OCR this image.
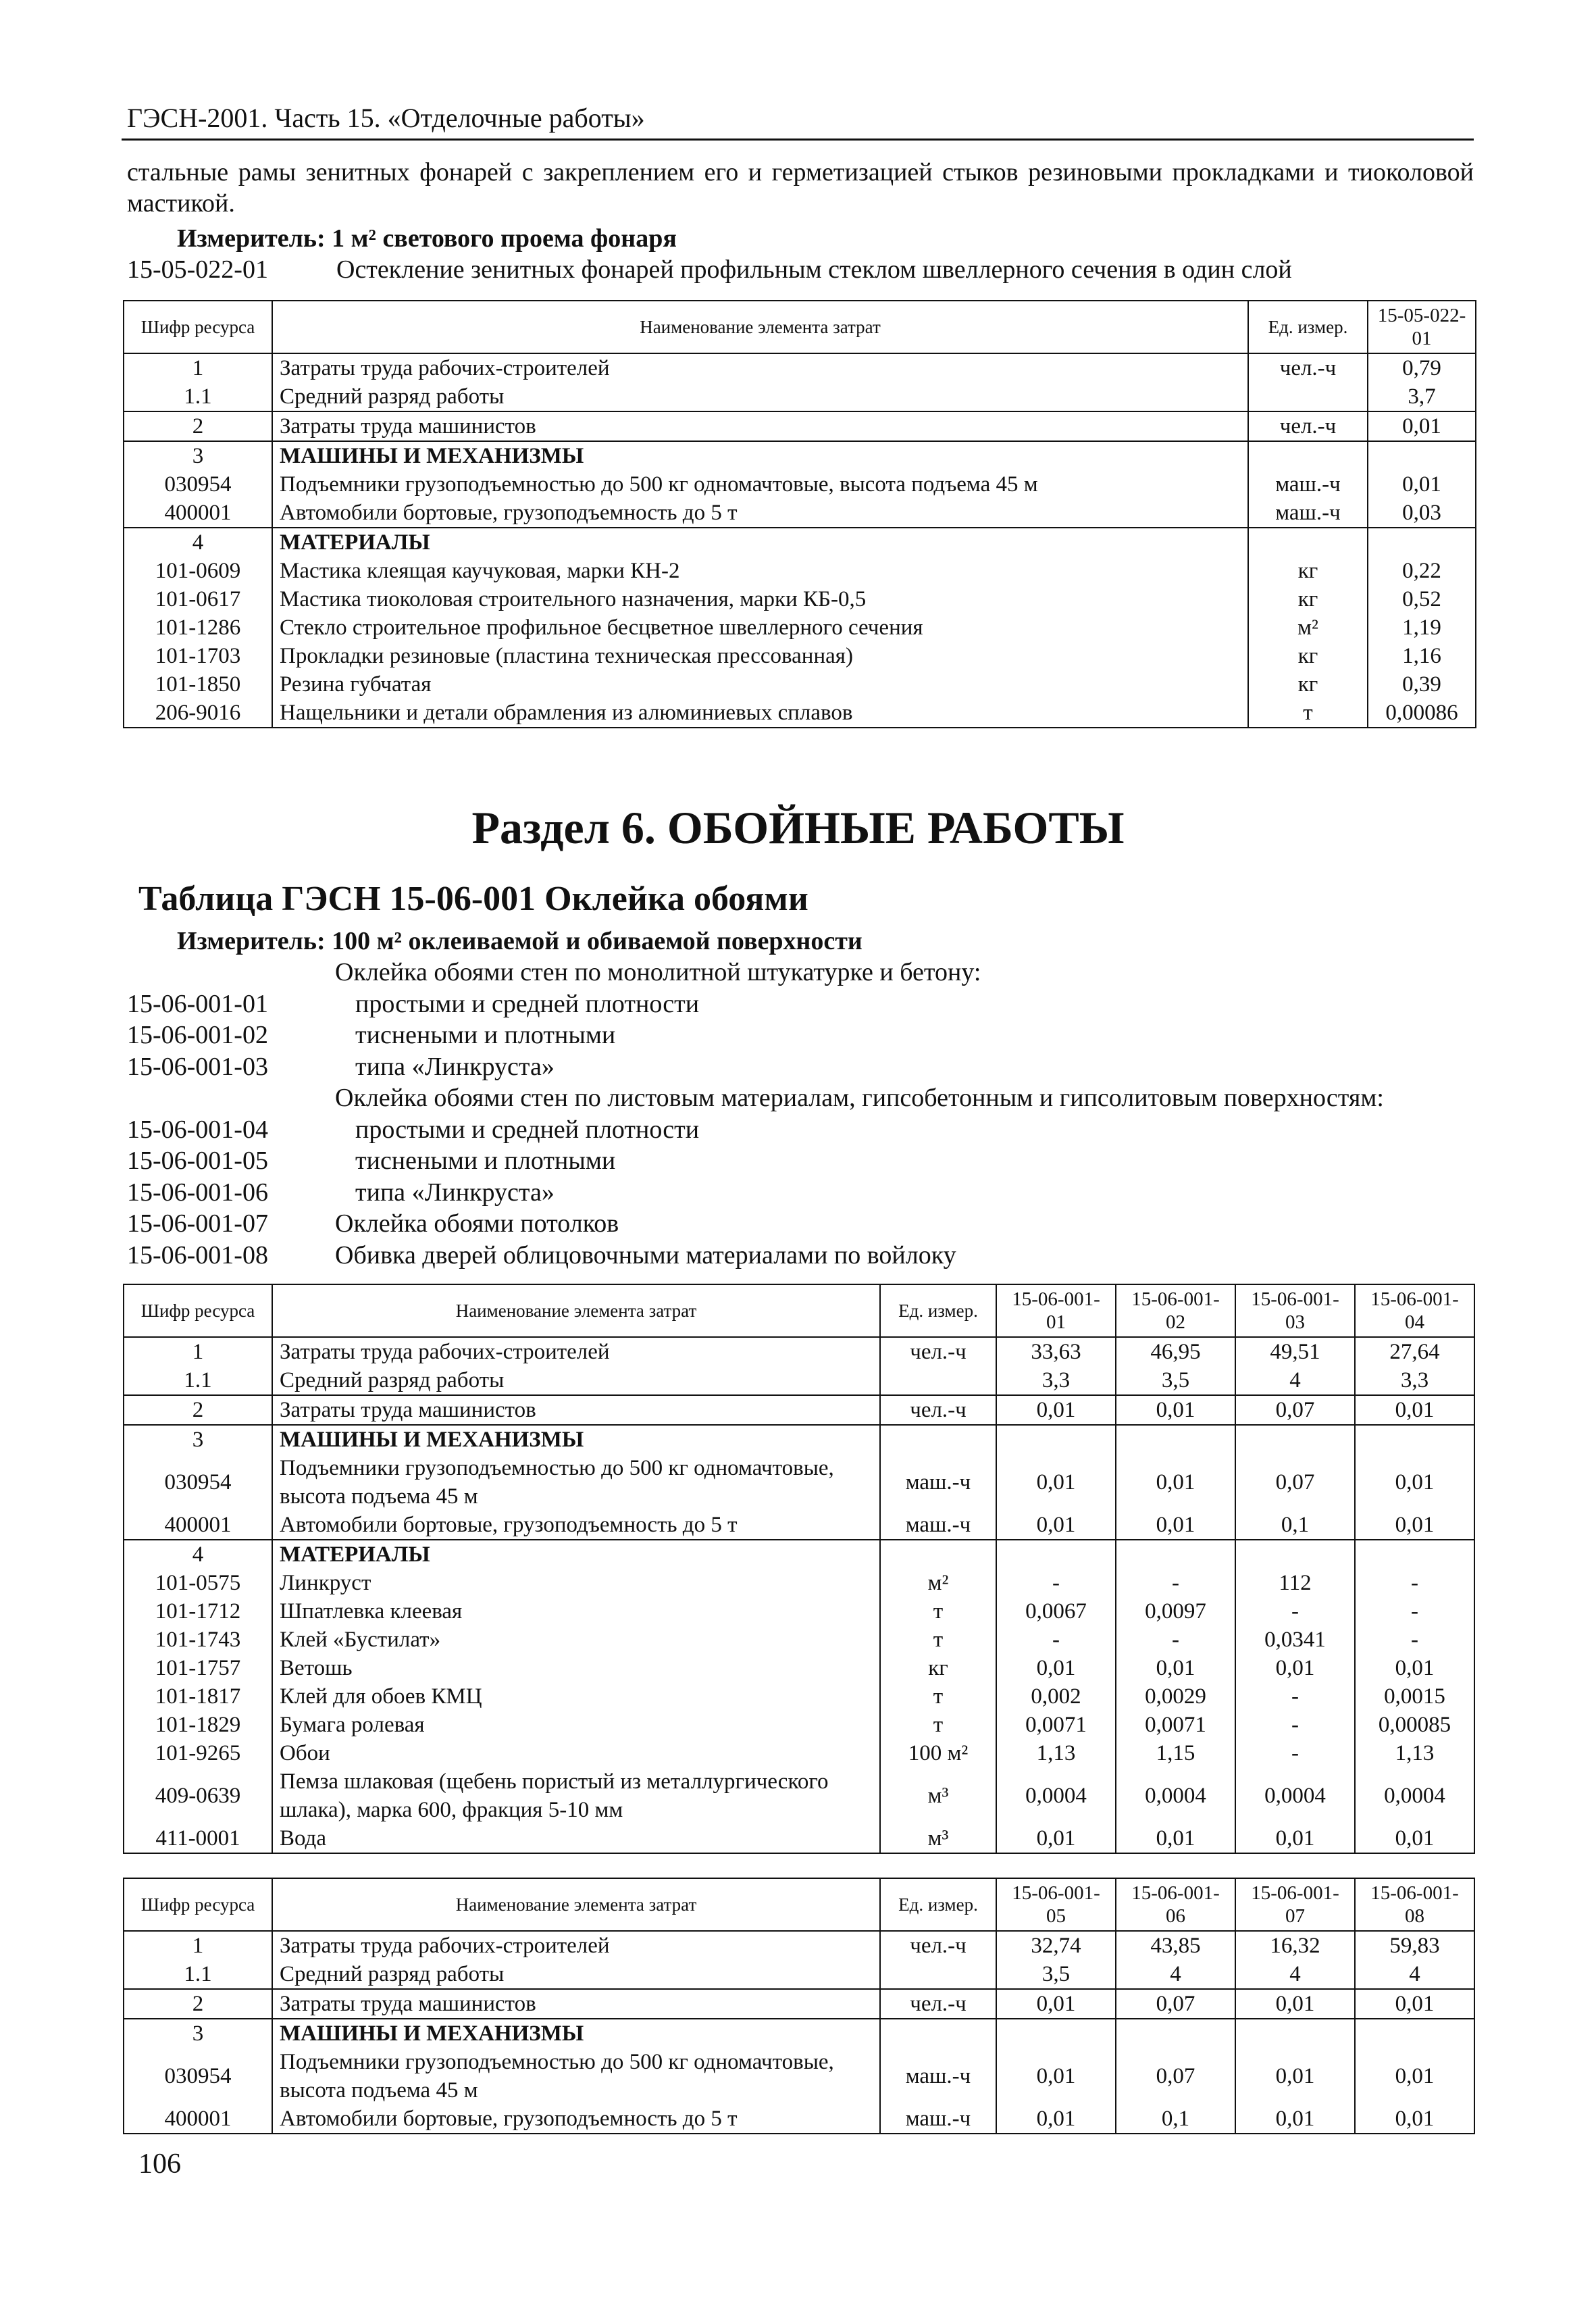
ГЭСН-2001. Часть 15. «Отделочные работы»
стальные рамы зенитных фонарей с закреплением его и герметизацией стыков резиновыми прокладками и тиоколовой мастикой.
Измеритель: 1 м² светового проема фонаря
15-05-022-01	Остекление зенитных фонарей профильным стеклом швеллерного сечения в один слой
Шифр ресурса	Наименование элемента затрат	Ед. измер.	15-05-022-01
1	Затраты труда рабочих-строителей	чел.-ч	0,79
1.1	Средний разряд работы		3,7
2	Затраты труда машинистов	чел.-ч	0,01
3	МАШИНЫ И МЕХАНИЗМЫ		
030954	Подъемники грузоподъемностью до 500 кг одномачтовые, высота подъема 45 м	маш.-ч	0,01
400001	Автомобили бортовые, грузоподъемность до 5 т	маш.-ч	0,03
4	МАТЕРИАЛЫ		
101-0609	Мастика клеящая каучуковая, марки КН-2	кг	0,22
101-0617	Мастика тиоколовая строительного назначения, марки КБ-0,5	кг	0,52
101-1286	Стекло строительное профильное бесцветное швеллерного сечения	м²	1,19
101-1703	Прокладки резиновые (пластина техническая прессованная)	кг	1,16
101-1850	Резина губчатая	кг	0,39
206-9016	Нащельники и детали обрамления из алюминиевых сплавов	т	0,00086
Раздел 6. ОБОЙНЫЕ РАБОТЫ
Таблица ГЭСН 15-06-001 Оклейка обоями
Измеритель: 100 м² оклеиваемой и обиваемой поверхности
Оклейка обоями стен по монолитной штукатурке и бетону:
15-06-001-01	простыми и средней плотности
15-06-001-02	тиснеными и плотными
15-06-001-03	типа «Линкруста»
Оклейка обоями стен по листовым материалам, гипсобетонным и гипсолитовым поверхностям:
15-06-001-04	простыми и средней плотности
15-06-001-05	тиснеными и плотными
15-06-001-06	типа «Линкруста»
15-06-001-07	Оклейка обоями потолков
15-06-001-08	Обивка дверей облицовочными материалами по войлоку
Шифр ресурса	Наименование элемента затрат	Ед. измер.	15-06-001-01	15-06-001-02	15-06-001-03	15-06-001-04
1	Затраты труда рабочих-строителей	чел.-ч	33,63	46,95	49,51	27,64
1.1	Средний разряд работы		3,3	3,5	4	3,3
2	Затраты труда машинистов	чел.-ч	0,01	0,01	0,07	0,01
3	МАШИНЫ И МЕХАНИЗМЫ					
030954	Подъемники грузоподъемностью до 500 кг одномачтовые, высота подъема 45 м	маш.-ч	0,01	0,01	0,07	0,01
400001	Автомобили бортовые, грузоподъемность до 5 т	маш.-ч	0,01	0,01	0,1	0,01
4	МАТЕРИАЛЫ					
101-0575	Линкруст	м²	-	-	112	-
101-1712	Шпатлевка клеевая	т	0,0067	0,0097	-	-
101-1743	Клей «Бустилат»	т	-	-	0,0341	-
101-1757	Ветошь	кг	0,01	0,01	0,01	0,01
101-1817	Клей для обоев КМЦ	т	0,002	0,0029	-	0,0015
101-1829	Бумага ролевая	т	0,0071	0,0071	-	0,00085
101-9265	Обои	100 м²	1,13	1,15	-	1,13
409-0639	Пемза шлаковая (щебень пористый из металлургического шлака), марка 600, фракция 5-10 мм	м³	0,0004	0,0004	0,0004	0,0004
411-0001	Вода	м³	0,01	0,01	0,01	0,01
Шифр ресурса	Наименование элемента затрат	Ед. измер.	15-06-001-05	15-06-001-06	15-06-001-07	15-06-001-08
1	Затраты труда рабочих-строителей	чел.-ч	32,74	43,85	16,32	59,83
1.1	Средний разряд работы		3,5	4	4	4
2	Затраты труда машинистов	чел.-ч	0,01	0,07	0,01	0,01
3	МАШИНЫ И МЕХАНИЗМЫ					
030954	Подъемники грузоподъемностью до 500 кг одномачтовые, высота подъема 45 м	маш.-ч	0,01	0,07	0,01	0,01
400001	Автомобили бортовые, грузоподъемность до 5 т	маш.-ч	0,01	0,1	0,01	0,01
106
